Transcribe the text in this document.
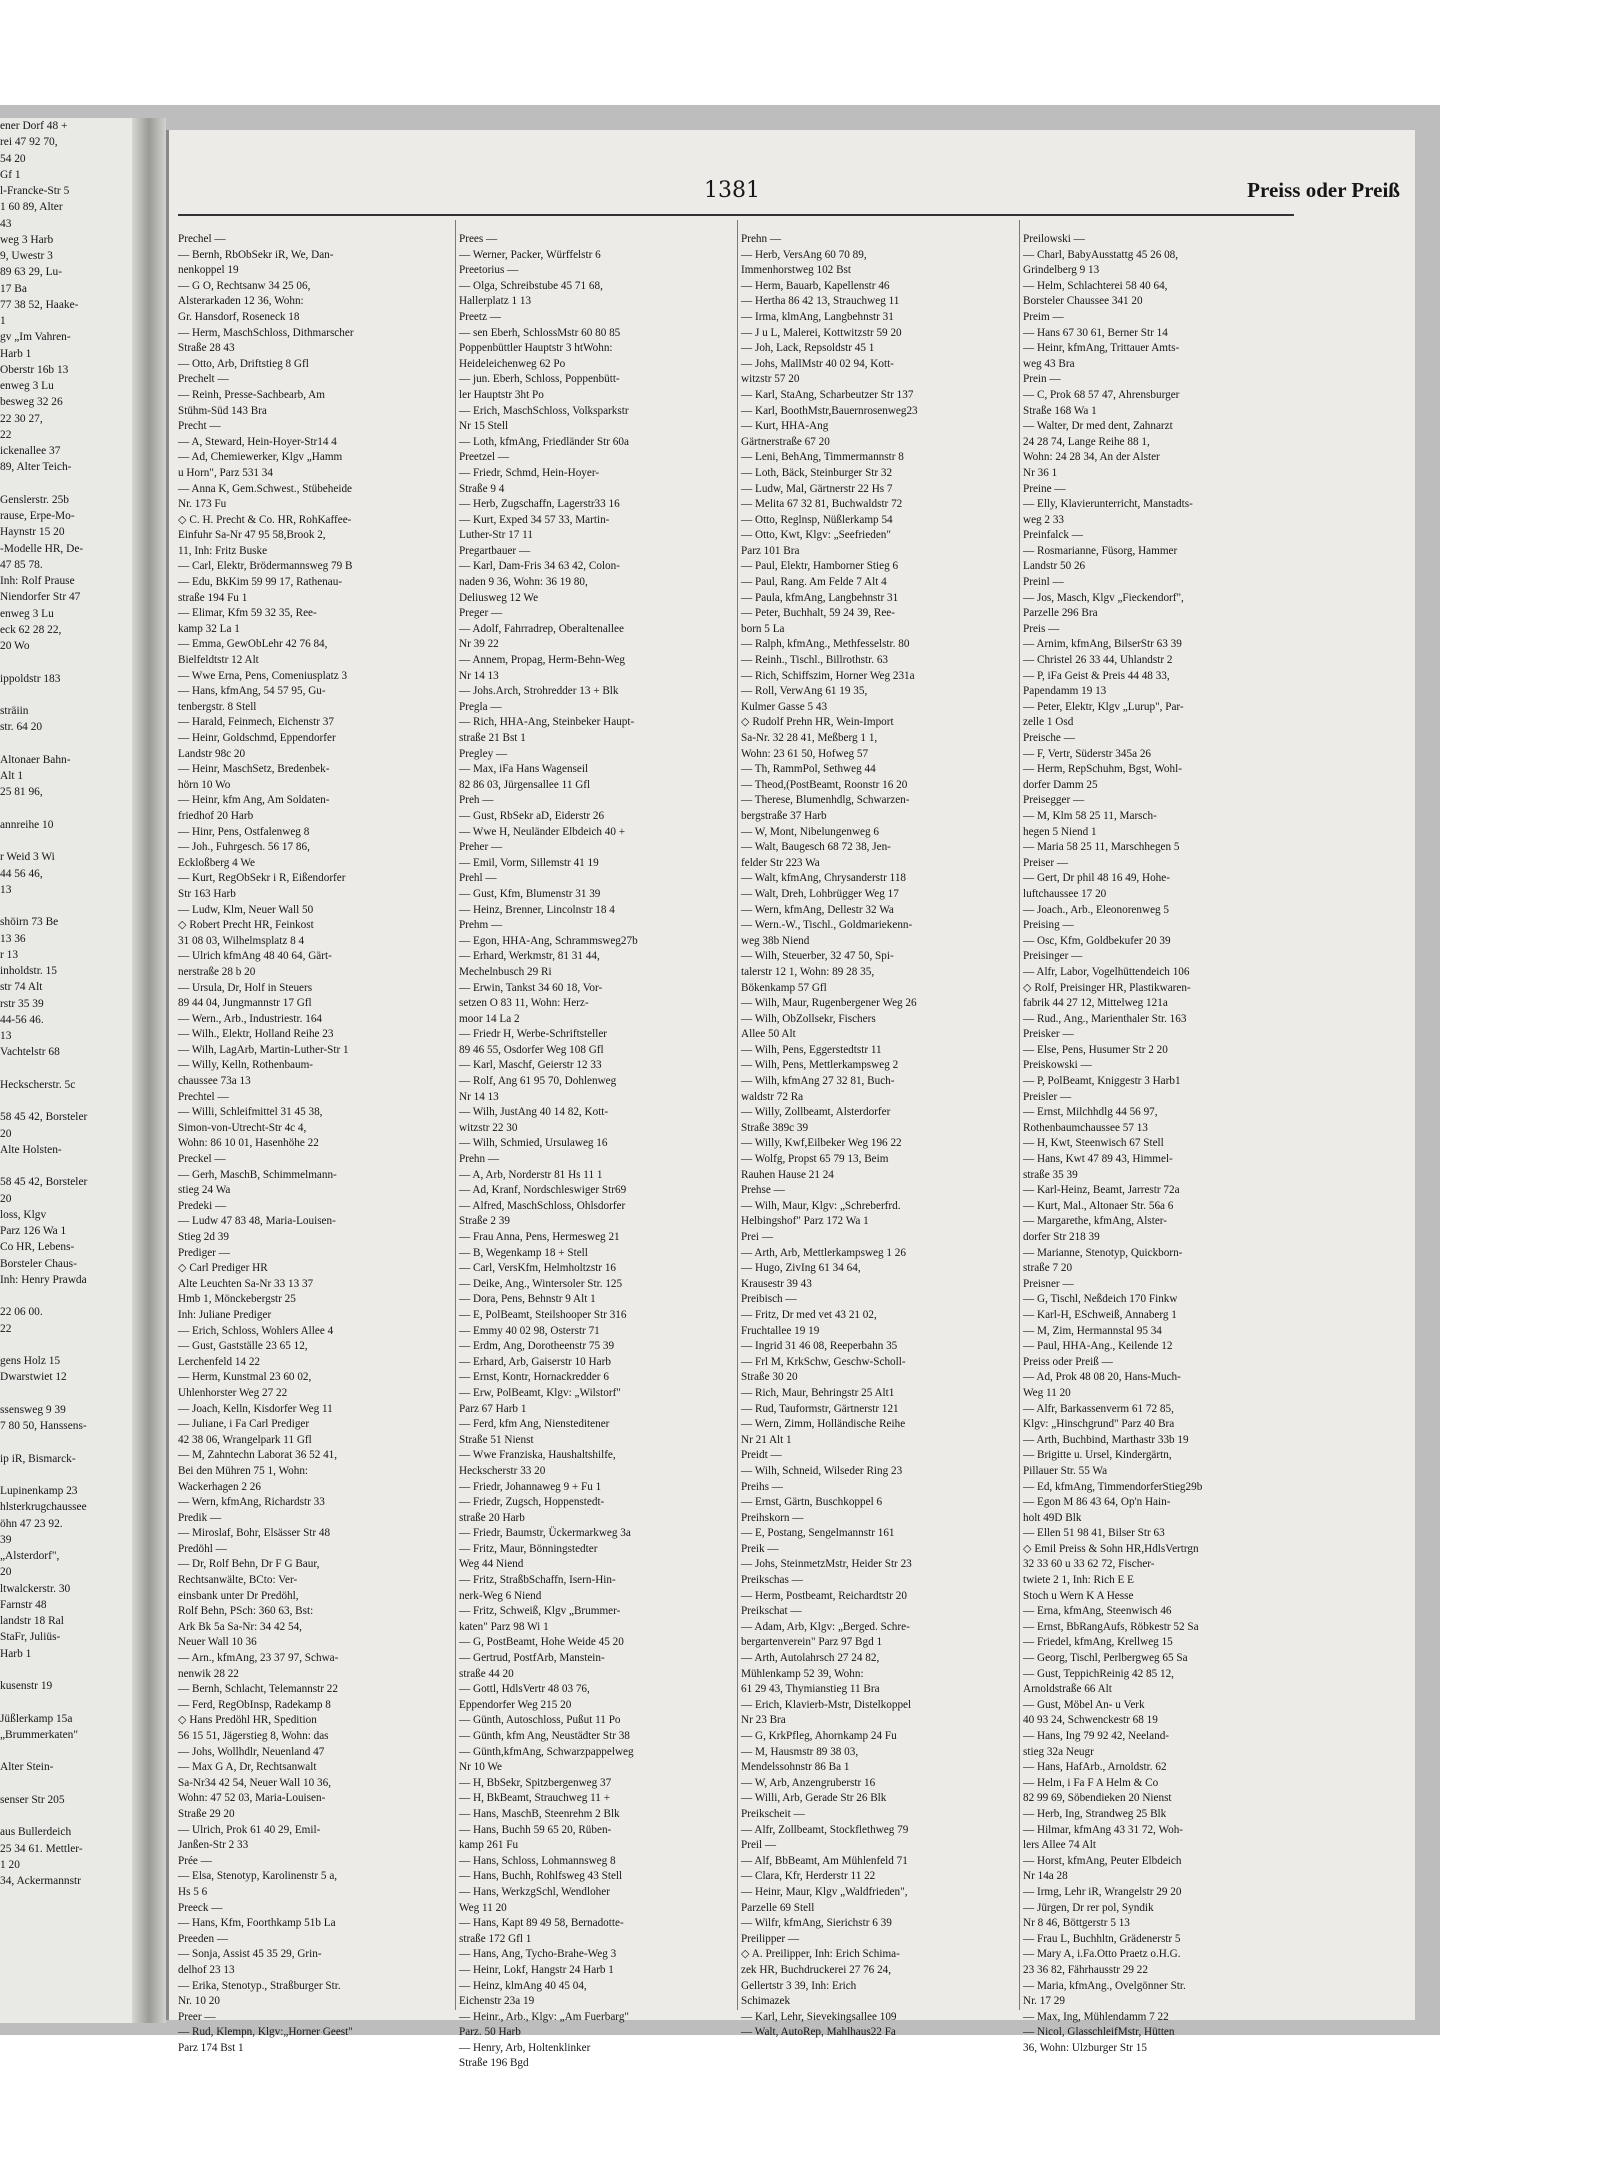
ener Dorf 48 +
rei 47 92 70,
54 20
Gf 1
l-Francke-Str 5
1 60 89, Alter
43
weg 3 Harb
9, Uwestr 3
89 63 29, Lu-
17 Ba
77 38 52, Haake-
1
gv „Im Vahren-
Harb 1
Oberstr 16b 13
enweg 3 Lu
besweg 32 26
22 30 27,
22
ickenallee 37
89, Alter Teich-

Genslerstr. 25b
rause, Erpe-Mo-
Haynstr 15 20
-Modelle HR, De-
47 85 78.
Inh: Rolf Prause
Niendorfer Str 47
enweg 3 Lu
eck 62 28 22,
20 Wo

ippoldstr 183

sträiin
str. 64 20

Altonaer Bahn-
Alt 1
25 81 96,

annreihe 10

r Weid 3 Wi
44 56 46,
13

shöirn 73 Be
13 36
r 13
inholdstr. 15
str 74 Alt
rstr 35 39
44-56 46.
13
Vachtelstr 68

Heckscherstr. 5c

58 45 42, Borsteler
20
Alte Holsten-

58 45 42, Borsteler
20
loss, Klgv
Parz 126 Wa 1
Co HR, Lebens-
Borsteler Chaus-
Inh: Henry Prawda

22 06 00.
22

gens Holz 15
Dwarstwiet 12

ssensweg 9 39
7 80 50, Hanssens-

ip iR, Bismarck-

Lupinenkamp 23
hlsterkrugchaussee
öhn 47 23 92.
39
„Alsterdorf",
20
ltwalckerstr. 30
Farnstr 48
landstr 18 Ral
StaFr, Juliüs-
Harb 1

kusenstr 19

Jüßlerkamp 15a
„Brummerkaten"

Alter Stein-

senser Str 205

aus Bullerdeich
25 34 61. Mettler-
1 20
34, Ackermannstr
1381	Preiss oder Preiß
Prechel —
— Bernh, RbObSekr iR, We, Dan-
nenkoppel 19
— G O, Rechtsanw 34 25 06,
Alsterarkaden 12 36, Wohn:
Gr. Hansdorf, Roseneck 18
— Herm, MaschSchloss, Dithmarscher
Straße 28 43
— Otto, Arb, Driftstieg 8 Gfl
Prechelt —
— Reinh, Presse-Sachbearb, Am
Stühm-Süd 143 Bra
Precht —
— A, Steward, Hein-Hoyer-Str14 4
— Ad, Chemiewerker, Klgv „Hamm
u Horn", Parz 531 34
— Anna K, Gem.Schwest., Stübeheide
Nr. 173 Fu
◇ C. H. Precht & Co. HR, RohKaffee-
Einfuhr Sa-Nr 47 95 58,Brook 2,
11, Inh: Fritz Buske
— Carl, Elektr, Brödermannsweg 79 B
— Edu, BkKim 59 99 17, Rathenau-
straße 194 Fu 1
— Elimar, Kfm 59 32 35, Ree-
kamp 32 La 1
— Emma, GewObLehr 42 76 84,
Bielfeldtstr 12 Alt
— Wwe Erna, Pens, Comeniusplatz 3
— Hans, kfmAng, 54 57 95, Gu-
tenbergstr. 8 Stell
— Harald, Feinmech, Eichenstr 37
— Heinr, Goldschmd, Eppendorfer
Landstr 98c 20
— Heinr, MaschSetz, Bredenbek-
hörn 10 Wo
— Heinr, kfm Ang, Am Soldaten-
friedhof 20 Harb
— Hinr, Pens, Ostfalenweg 8
— Joh., Fuhrgesch. 56 17 86,
Ecklοßberg 4 We
— Kurt, RegObSekr i R, Eißendorfer
Str 163 Harb
— Ludw, Klm, Neuer Wall 50
◇ Robert Precht HR, Feinkost
31 08 03, Wilhelmsplatz 8 4
— Ulrich kfmAng 48 40 64, Gärt-
nerstraße 28 b 20
— Ursula, Dr, Holf in Steuers
89 44 04, Jungmannstr 17 Gfl
— Wern., Arb., Industriestr. 164
— Wilh., Elektr, Holland Reihe 23
— Wilh, LagArb, Martin-Luther-Str 1
— Willy, Kelln, Rothenbaum-
chaussee 73a 13
Prechtel —
— Willi, Schleifmittel 31 45 38,
Simon-von-Utrecht-Str 4c 4,
Wohn: 86 10 01, Hasenhöhe 22
Preckel —
— Gerh, MaschB, Schimmelmann-
stieg 24 Wa
Predeki —
— Ludw 47 83 48, Maria-Louisen-
Stieg 2d 39
Prediger —
◇ Carl Prediger HR
Alte Leuchten Sa-Nr 33 13 37
Hmb 1, Mönckebergstr 25
Inh: Juliane Prediger
— Erich, Schloss, Wohlers Allee 4
— Gust, Gastställe 23 65 12,
Lerchenfeld 14 22
— Herm, Kunstmal 23 60 02,
Uhlenhorster Weg 27 22
— Joach, Kelln, Kisdorfer Weg 11
— Juliane, i Fa Carl Prediger
42 38 06, Wrangelpark 11 Gfl
— M, Zahntechn Laborat 36 52 41,
Bei den Mühren 75 1, Wohn:
Wackerhagen 2 26
— Wern, kfmAng, Richardstr 33
Predik —
— Miroslaf, Bohr, Elsässer Str 48
Predöhl —
— Dr, Rolf Behn, Dr F G Baur,
Rechtsanwälte, BCto: Ver-
einsbank unter Dr Predöhl,
Rolf Behn, PSch: 360 63, Bst:
Ark Bk 5a Sa-Nr: 34 42 54,
Neuer Wall 10 36
— Arn., kfmAng, 23 37 97, Schwa-
nenwik 28 22
— Bernh, Schlacht, Telemannstr 22
— Ferd, RegObInsp, Radekamp 8
◇ Hans Predöhl HR, Spedition
56 15 51, Jägerstieg 8, Wohn: das
— Johs, Wollhdlr, Neuenland 47
— Max G A, Dr, Rechtsanwalt
Sa-Nr34 42 54, Neuer Wall 10 36,
Wohn: 47 52 03, Maria-Louisen-
Straße 29 20
— Ulrich, Prok 61 40 29, Emil-
Janßen-Str 2 33
Prée —
— Elsa, Stenotyp, Karolinenstr 5 a,
Hs 5 6
Preeck —
— Hans, Kfm, Foorthkamp 51b La
Preeden —
— Sonja, Assist 45 35 29, Grin-
delhof 23 13
— Erika, Stenotyp., Straßburger Str.
Nr. 10 20
Preer —
— Rud, Klempn, Klgv:„Horner Geest"
Parz 174 Bst 1
Prees —
— Werner, Packer, Würffelstr 6
Preetorius —
— Olga, Schreibstube 45 71 68,
Hallerplatz 1 13
Preetz —
— sen Eberh, SchlossMstr 60 80 85
Poppenbüttler Hauptstr 3 htWohn:
Heideleichenweg 62 Po
— jun. Eberh, Schloss, Poppenbütt-
ler Hauptstr 3ht Po
— Erich, MaschSchloss, Volksparkstr
Nr 15 Stell
— Loth, kfmAng, Friedländer Str 60a
Preetzel —
— Friedr, Schmd, Hein-Hoyer-
Straße 9 4
— Herb, Zugschaffn, Lagerstr33 16
— Kurt, Exped 34 57 33, Martin-
Luther-Str 17 11
Pregartbauer —
— Karl, Dam-Fris 34 63 42, Colon-
naden 9 36, Wohn: 36 19 80,
Deliusweg 12 We
Preger —
— Adolf, Fahrradrep, Oberaltenallee
Nr 39 22
— Annem, Propag, Herm-Behn-Weg
Nr 14 13
— Johs.Arch, Strohredder 13 + Blk
Pregla —
— Rich, HHA-Ang, Steinbeker Haupt-
straße 21 Bst 1
Pregley —
— Max, iFa Hans Wagenseil
82 86 03, Jürgensallee 11 Gfl
Preh —
— Gust, RbSekr aD, Eiderstr 26
— Wwe H, Neuländer Elbdeich 40 +
Preher —
— Emil, Vorm, Sillemstr 41 19
Prehl —
— Gust, Kfm, Blumenstr 31 39
— Heinz, Brenner, Lincolnstr 18 4
Prehm —
— Egon, HHA-Ang, Schrammsweg27b
— Erhard, Werkmstr, 81 31 44,
Mechelnbusch 29 Ri
— Erwin, Tankst 34 60 18, Vor-
setzen O 83 11, Wohn: Herz-
moor 14 La 2
— Friedr H, Werbe-Schriftsteller
89 46 55, Osdorfer Weg 108 Gfl
— Karl, Maschf, Geierstr 12 33
— Rolf, Ang 61 95 70, Dohlenweg
Nr 14 13
— Wilh, JustAng 40 14 82, Kott-
witzstr 22 30
— Wilh, Schmied, Ursulaweg 16
Prehn —
— A, Arb, Norderstr 81 Hs 11 1
— Ad, Kranf, Nordschleswiger Str69
— Alfred, MaschSchloss, Ohlsdorfer
Straße 2 39
— Frau Anna, Pens, Hermesweg 21
— B, Wegenkamp 18 + Stell
— Carl, VersKfm, Helmholtzstr 16
— Deike, Ang., Wintersoler Str. 125
— Dora, Pens, Behnstr 9 Alt 1
— E, PolBeamt, Steilshooper Str 316
— Emmy 40 02 98, Osterstr 71
— Erdm, Ang, Dorotheenstr 75 39
— Erhard, Arb, Gaiserstr 10 Harb
— Ernst, Kontr, Hornackredder 6
— Erw, PolBeamt, Klgv: „Wilstorf"
Parz 67 Harb 1
— Ferd, kfm Ang, Niensteditener
Straße 51 Nienst
— Wwe Franziska, Haushaltshilfe,
Heckscherstr 33 20
— Friedr, Johannaweg 9 + Fu 1
— Friedr, Zugsch, Hoppenstedt-
straße 20 Harb
— Friedr, Baumstr, Ückermarkweg 3a
— Fritz, Maur, Bönningstedter
Weg 44 Niend
— Fritz, StraßbSchaffn, Isern-Hin-
nerk-Weg 6 Niend
— Fritz, Schweiß, Klgv „Brummer-
katen" Parz 98 Wi 1
— G, PostBeamt, Hohe Weide 45 20
— Gertrud, PostfArb, Manstein-
straße 44 20
— Gottl, HdlsVertr 48 03 76,
Eppendorfer Weg 215 20
— Günth, Autoschloss, Pußut 11 Po
— Günth, kfm Ang, Neustädter Str 38
— Günth,kfmAng, Schwarzpappelweg
Nr 10 We
— H, BbSekr, Spitzbergenweg 37
— H, BkBeamt, Strauchweg 11 +
— Hans, MaschB, Steenrehm 2 Blk
— Hans, Buchh 59 65 20, Rüben-
kamp 261 Fu
— Hans, Schloss, Lohmannsweg 8
— Hans, Buchh, Rohlfsweg 43 Stell
— Hans, WerkzgSchl, Wendloher
Weg 11 20
— Hans, Kapt 89 49 58, Bernadotte-
straße 172 Gfl 1
— Hans, Ang, Tycho-Brahe-Weg 3
— Heinr, Lokf, Hangstr 24 Harb 1
— Heinz, klmAng 40 45 04,
Eichenstr 23a 19
— Heinr., Arb., Klgv: „Am Fuerbarg"
Parz. 50 Harb
— Henry, Arb, Holtenklinker
Straße 196 Bgd
Prehn —
— Herb, VersAng 60 70 89,
Immenhorstweg 102 Bst
— Herm, Bauarb, Kapellenstr 46
— Hertha 86 42 13, Strauchweg 11
— Irma, klmAng, Langbehnstr 31
— J u L, Malerei, Kottwitzstr 59 20
— Joh, Lack, Repsoldstr 45 1
— Johs, MallMstr 40 02 94, Kott-
witzstr 57 20
— Karl, StaAng, Scharbeutzer Str 137
— Karl, BoothMstr,Bauernrosenweg23
— Kurt, HHA-Ang
Gärtnerstraße 67 20
— Leni, BehAng, Timmermannstr 8
— Loth, Bäck, Steinburger Str 32
— Ludw, Mal, Gärtnerstr 22 Hs 7
— Melita 67 32 81, Buchwaldstr 72
— Otto, Reglnsp, Nüßlerkamp 54
— Otto, Kwt, Klgv: „Seefrieden"
Parz 101 Bra
— Paul, Elektr, Hamborner Stieg 6
— Paul, Rang. Am Felde 7 Alt 4
— Paula, kfmAng, Langbehnstr 31
— Peter, Buchhalt, 59 24 39, Ree-
born 5 La
— Ralph, kfmAng., Methfesselstr. 80
— Reinh., Tischl., Billrothstr. 63
— Rich, Schiffszim, Horner Weg 231a
— Roll, VerwAng 61 19 35,
Kulmer Gasse 5 43
◇ Rudolf Prehn HR, Wein-Import
Sa-Nr. 32 28 41, Meßberg 1 1,
Wohn: 23 61 50, Hofweg 57
— Th, RammPol, Sethweg 44
— Theod,(PostBeamt, Roonstr 16 20
— Therese, Blumenhdlg, Schwarzen-
bergstraße 37 Harb
— W, Mont, Nibelungenweg 6
— Walt, Baugesch 68 72 38, Jen-
felder Str 223 Wa
— Walt, kfmAng, Chrysanderstr 118
— Walt, Dreh, Lohbrügger Weg 17
— Wern, kfmAng, Dellestr 32 Wa
— Wern.-W., Tischl., Goldmariekenn-
weg 38b Niend
— Wilh, Steuerber, 32 47 50, Spi-
talerstr 12 1, Wohn: 89 28 35,
Bökenkamp 57 Gfl
— Wilh, Maur, Rugenbergener Weg 26
— Wilh, ObZollsekr, Fischers
Allee 50 Alt
— Wilh, Pens, Eggerstedtstr 11
— Wilh, Pens, Mettlerkampsweg 2
— Wilh, kfmAng 27 32 81, Buch-
waldstr 72 Ra
— Willy, Zollbeamt, Alsterdorfer
Straße 389c 39
— Willy, Kwf,Eilbeker Weg 196 22
— Wolfg, Propst 65 79 13, Beim
Rauhen Hause 21 24
Prehse —
— Wilh, Maur, Klgv: „Schreberfrd.
Helbingshof" Parz 172 Wa 1
Prei —
— Arth, Arb, Mettlerkampsweg 1 26
— Hugo, ZivIng 61 34 64,
Krausestr 39 43
Preibisch —
— Fritz, Dr med vet 43 21 02,
Fruchtallee 19 19
— Ingrid 31 46 08, Reeperbahn 35
— Frl M, KrkSchw, Geschw-Scholl-
Straße 30 20
— Rich, Maur, Behringstr 25 Alt1
— Rud, Tauformstr, Gärtnerstr 121
— Wern, Zimm, Holländische Reihe
Nr 21 Alt 1
Preidt —
— Wilh, Schneid, Wilseder Ring 23
Preihs —
— Ernst, Gärtn, Buschkoppel 6
Preihskorn —
— E, Postang, Sengelmannstr 161
Preik —
— Johs, SteinmetzMstr, Heider Str 23
Preikschas —
— Herm, Postbeamt, Reichardtstr 20
Preikschat —
— Adam, Arb, Klgv: „Berged. Schre-
bergartenverein" Parz 97 Bgd 1
— Arth, Autolahrsch 27 24 82,
Mühlenkamp 52 39, Wohn:
61 29 43, Thymianstieg 11 Bra
— Erich, Klavierb-Mstr, Distelkoppel
Nr 23 Bra
— G, KrkPfleg, Ahornkamp 24 Fu
— M, Hausmstr 89 38 03,
Mendelssohnstr 86 Ba 1
— W, Arb, Anzengruberstr 16
— Willi, Arb, Geradе Str 26 Blk
Preikscheit —
— Alfr, Zollbeamt, Stockflethweg 79
Preil —
— Alf, BbBeamt, Am Mühlenfeld 71
— Clara, Kfr, Herderstr 11 22
— Heinr, Maur, Klgv „Waldfrieden",
Parzelle 69 Stell
— Wilfr, kfmAng, Sierichstr 6 39
Preilipper —
◇ A. Preilipper, Inh: Erich Schima-
zek HR, Buchdruckerei 27 76 24,
Gellertstr 3 39, Inh: Erich
Schimazek
— Karl, Lehr, Sievekingsallee 109
— Walt, AutoRep, Mahlhaus22 Fa
Preilowski —
— Charl, BabyAusstattg 45 26 08,
Grindelberg 9 13
— Helm, Schlachterei 58 40 64,
Borsteler Chaussee 341 20
Preim —
— Hans 67 30 61, Berner Str 14
— Heinr, kfmAng, Trittauer Amts-
weg 43 Bra
Prein —
— C, Prok 68 57 47, Ahrensburger
Straße 168 Wa 1
— Walter, Dr med dent, Zahnarzt
24 28 74, Lange Reihe 88 1,
Wohn: 24 28 34, An der Alster
Nr 36 1
Preine —
— Elly, Klavierunterricht, Manstadts-
weg 2 33
Preinfalck —
— Rosmarianne, Füsorg, Hammer
Landstr 50 26
Preinl —
— Jos, Masch, Klgv „Fieckendorf",
Parzelle 296 Bra
Preis —
— Arnim, kfmAng, BilserStr 63 39
— Christel 26 33 44, Uhlandstr 2
— P, iFa Geist & Preis 44 48 33,
Papendamm 19 13
— Peter, Elektr, Klgv „Lurup", Par-
zelle 1 Osd
Preische —
— F, Vertr, Süderstr 345a 26
— Herm, RepSchuhm, Bgst, Wohl-
dorfer Damm 25
Preisegger —
— M, Klm 58 25 11, Marsch-
hegen 5 Niend 1
— Maria 58 25 11, Marschhegen 5
Preiser —
— Gert, Dr phil 48 16 49, Hohe-
luftchaussee 17 20
— Joach., Arb., Eleonorenweg 5
Preising —
— Osc, Kfm, Goldbekufer 20 39
Preisinger —
— Alfr, Labor, Vogelhüttendeich 106
◇ Rolf, Preisinger HR, Plastikwaren-
fabrik 44 27 12, Mittelweg 121a
— Rud., Ang., Marienthaler Str. 163
Preisker —
— Else, Pens, Husumer Str 2 20
Preiskowski —
— P, PolBeamt, Kniggestr 3 Harb1
Preisler —
— Ernst, Milchhdlg 44 56 97,
Rothenbaumchaussee 57 13
— H, Kwt, Steenwisch 67 Stell
— Hans, Kwt 47 89 43, Himmel-
straße 35 39
— Karl-Heinz, Beamt, Jarrestr 72a
— Kurt, Mal., Altonaer Str. 56a 6
— Margarethe, kfmAng, Alster-
dorfer Str 218 39
— Marianne, Stenotyp, Quickborn-
straße 7 20
Preisner —
— G, Tischl, Neßdeich 170 Finkw
— Karl-H, ESchweiß, Annaberg 1
— M, Zim, Hermannstal 95 34
— Paul, HHA-Ang., Keilende 12
Preiss oder Preiß —
— Ad, Prok 48 08 20, Hans-Much-
Weg 11 20
— Alfr, Barkassenverm 61 72 85,
Klgv: „Hinschgrund" Parz 40 Bra
— Arth, Buchbind, Marthastr 33b 19
— Brigitte u. Ursel, Kindergärtn,
Pillauer Str. 55 Wa
— Ed, kfmAng, TimmendorferStieg29b
— Egon M 86 43 64, Op'n Hain-
holt 49D Blk
— Ellen 51 98 41, Bilser Str 63
◇ Emil Preiss & Sohn HR,HdlsVertrgn
32 33 60 u 33 62 72, Fischer-
twiete 2 1, Inh: Rich E E
Stoch u Wern K A Hesse
— Erna, kfmAng, Steenwisch 46
— Ernst, BbRangAufs, Röbkestr 52 Sa
— Friedel, kfmAng, Krellweg 15
— Georg, Tischl, Perlbergweg 65 Sa
— Gust, TeppichReinig 42 85 12,
Arnoldstraße 66 Alt
— Gust, Möbel An- u Verk
40 93 24, Schwenckestr 68 19
— Hans, Ing 79 92 42, Neeland-
stieg 32a Neugr
— Hans, HafArb., Arnoldstr. 62
— Helm, i Fa F A Helm & Co
82 99 69, Söbendieken 20 Nienst
— Herb, Ing, Strandweg 25 Blk
— Hilmar, kfmAng 43 31 72, Woh-
lers Allee 74 Alt
— Horst, kfmAng, Peuter Elbdeich
Nr 14a 28
— Irmg, Lehr iR, Wrangelstr 29 20
— Jürgen, Dr rer pol, Syndik
Nr 8 46, Böttgerstr 5 13
— Frau L, Buchhltn, Grädenerstr 5
— Mary A, i.Fa.Otto Praetz o.H.G.
23 36 82, Fährhausstr 29 22
— Maria, kfmAng., Ovelgönner Str.
Nr. 17 29
— Max, Ing, Mühlendamm 7 22
— Nicol, GlasschleifMstr, Hütten
36, Wohn: Ulzburger Str 15
